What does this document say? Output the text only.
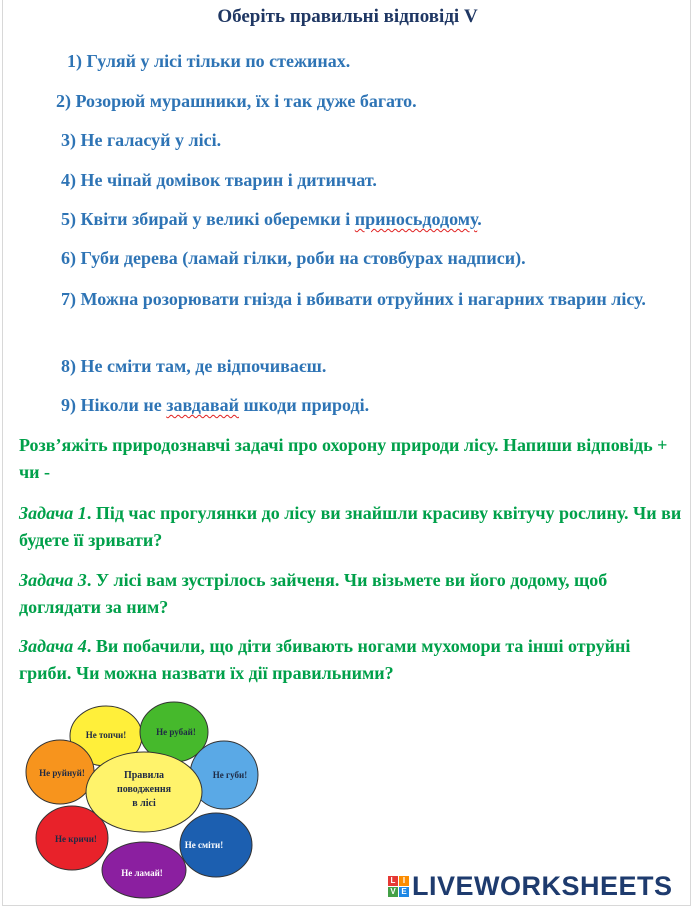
Оберіть правильні відповіді V
1) Гуляй у лісі тільки по стежинах.
2) Розорюй мурашники, їх і так дуже багато.
3) Не галасуй у лісі.
4) Не чіпай домівок тварин і дитинчат.
5) Квіти збирай у великі оберемки і приносьдодому.
6) Губи дерева (ламай гілки, роби на стовбурах надписи).
7) Можна розорювати гнізда і вбивати отруйних і нагарних тварин лісу.
8) Не сміти там, де відпочиваєш.
9) Ніколи не завдавай шкоди природі.
Розв’яжіть природознавчі задачі про охорону природи лісу. Напиши відповідь + чи -
Задача 1. Під час прогулянки до лісу ви знайшли красиву квітучу рослину. Чи ви будете її зривати?
Задача 3. У лісі вам зустрілось зайченя. Чи візьмете ви його додому, щоб доглядати за ним?
Задача 4. Ви побачили, що діти збивають ногами мухомори та інші отруйні гриби. Чи можна назвати їх дії правильними?
Не топчи!	Не рубай!
Не губи!
Не сміти!
Не ламай!
Не кричи!
Не руйнуй!	Правила
поводження
в лісі
L I
V E LIVEWORKSHEETS
